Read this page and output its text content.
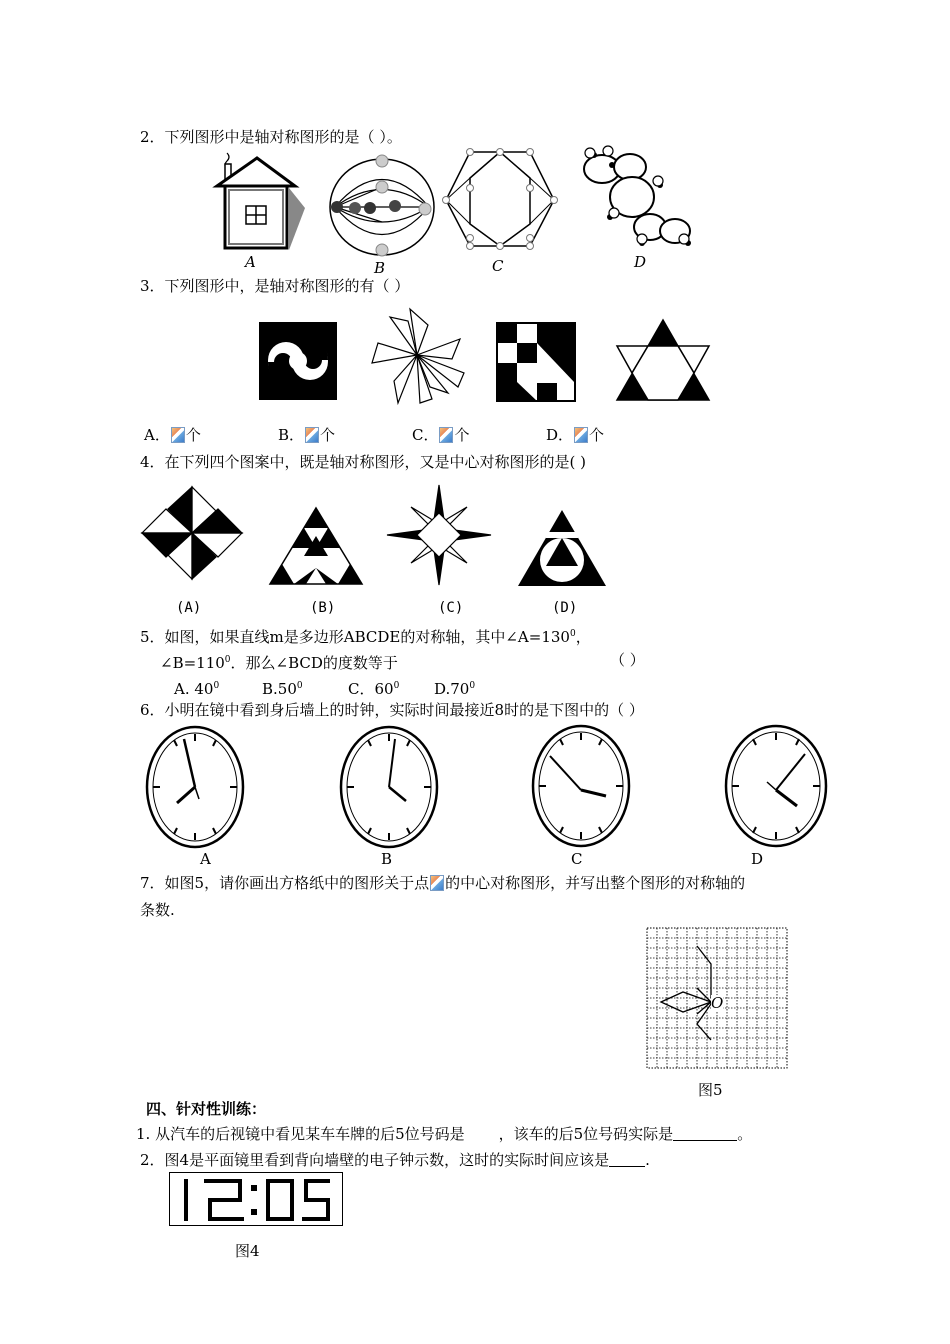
2．下列图形中是轴对称图形的是（ ）。
A	B	C	D
3．下列图形中，是轴对称图形的有（ ）
A． 个	B． 个	C． 个	D． 个
4．在下列四个图案中，既是轴对称图形，又是中心对称图形的是( )
(A)	(B)	(C)	(D)
5．如图，如果直线m是多边形ABCDE的对称轴，其中$\angle A=130^0$，
$\angle B=110^0$．那么∠BCD的度数等于	（ ）
A. $40^0$	$B.50^0$	C．$60^0$ $D.70^0$
6．小明在镜中看到身后墙上的时钟，实际时间最接近8时的是下图中的（ ）
A	B	C	D
7．如图5，请你画出方格纸中的图形关于点 的中心对称图形，并写出整个图形的对称轴的
条数.
O
图5
四、针对性训练：
1. 从汽车的后视镜中看见某车车牌的后5位号码是 ，该车的后5位号码实际是	。
2．图4是平面镜里看到背向墙壁的电子钟示数，这时的实际时间应该是 .
图4
